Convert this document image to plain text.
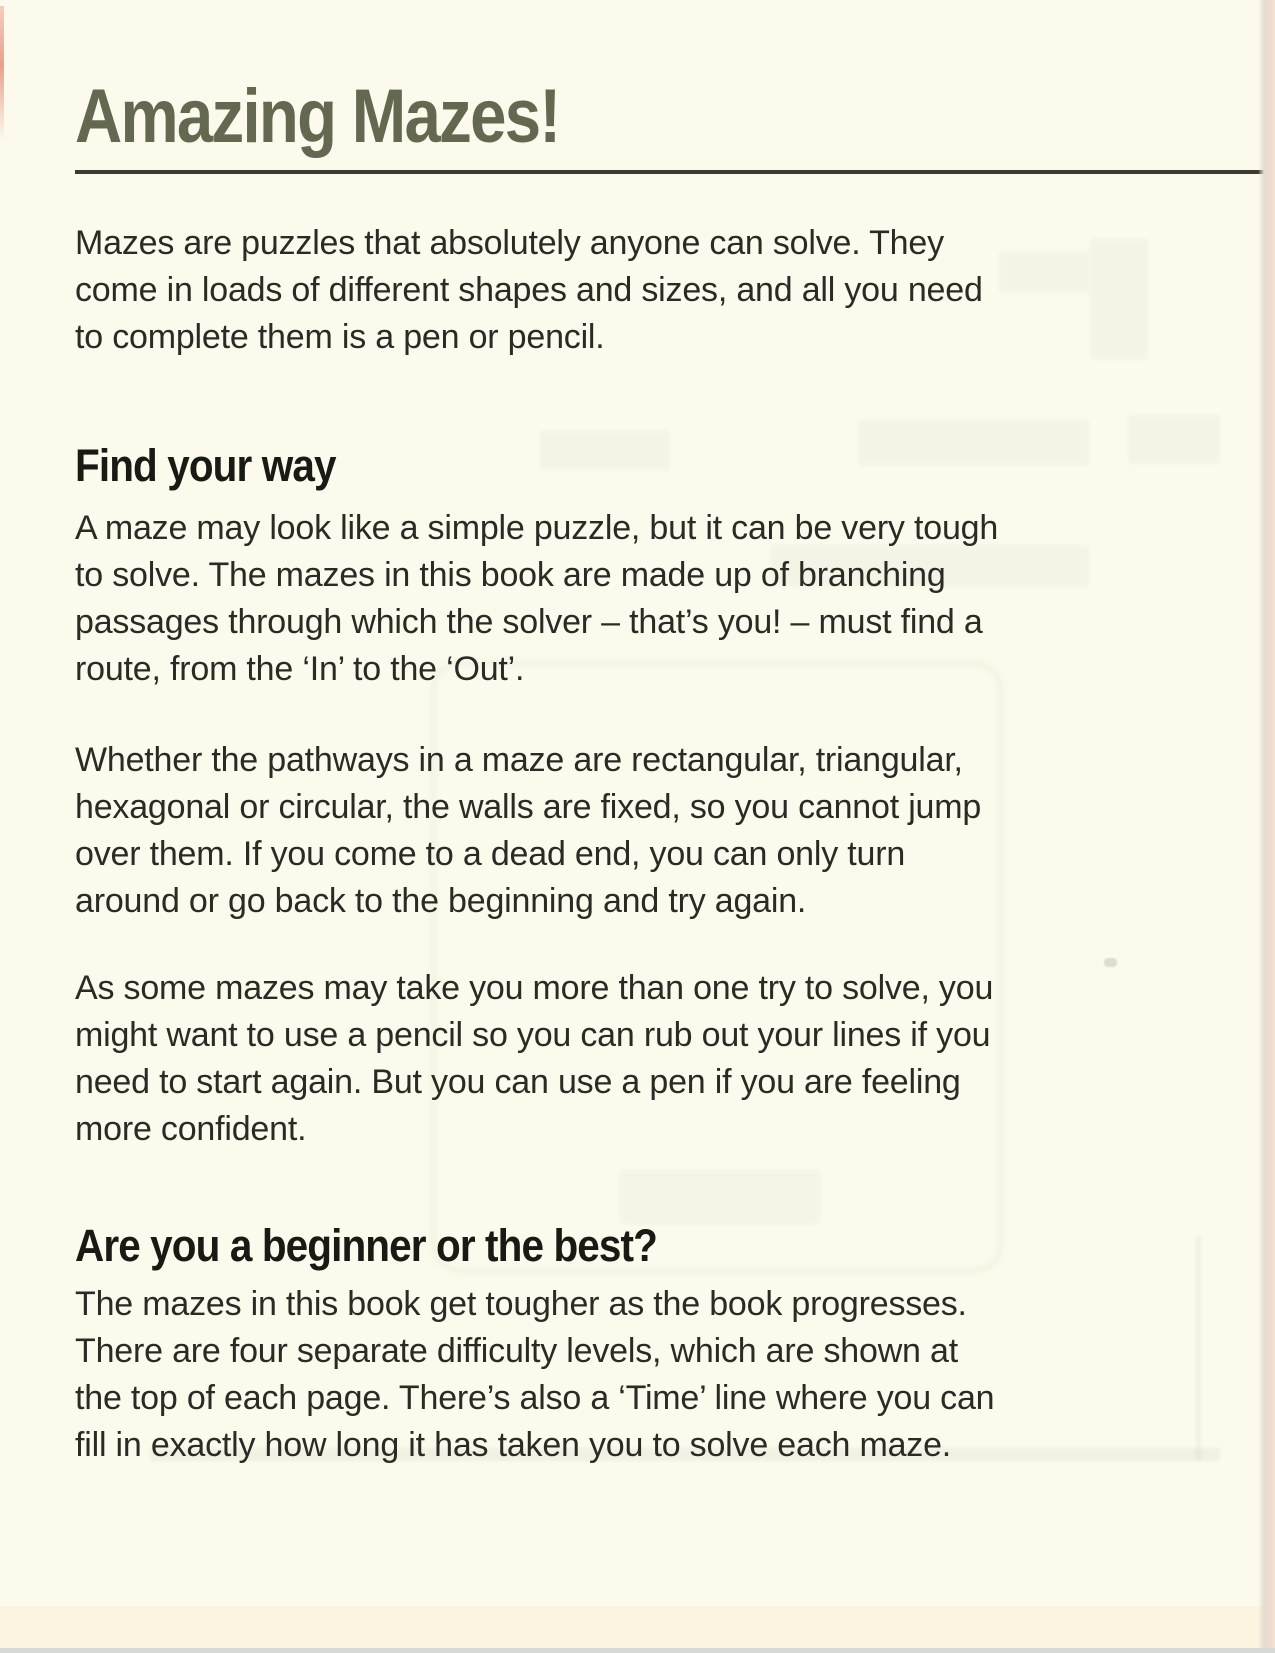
Amazing Mazes!
Mazes are puzzles that absolutely anyone can solve. They
come in loads of different shapes and sizes, and all you need
to complete them is a pen or pencil.
Find your way
A maze may look like a simple puzzle, but it can be very tough
to solve. The mazes in this book are made up of branching
passages through which the solver – that’s you! – must find a
route, from the ‘In’ to the ‘Out’.
Whether the pathways in a maze are rectangular, triangular,
hexagonal or circular, the walls are fixed, so you cannot jump
over them. If you come to a dead end, you can only turn
around or go back to the beginning and try again.
As some mazes may take you more than one try to solve, you
might want to use a pencil so you can rub out your lines if you
need to start again. But you can use a pen if you are feeling
more confident.
Are you a beginner or the best?
The mazes in this book get tougher as the book progresses.
There are four separate difficulty levels, which are shown at
the top of each page. There’s also a ‘Time’ line where you can
fill in exactly how long it has taken you to solve each maze.
